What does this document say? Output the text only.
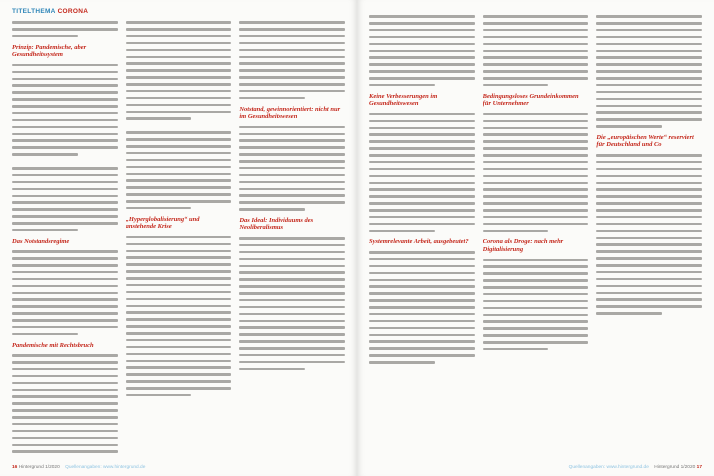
TITELTHEMA CORONA
Prinzip: Pandemische, aber Gesundheitssystem
Das Notstandsregime
Pandemische mit Rechtsbruch
„Hyperglobalisierung“ und anstehende Krise
Notstand, gewinnorientiert: nicht nur im Gesundheitswesen
Das Ideal: Individuums des Neoliberalismus
16 Hintergrund 1/2020 Quellenangaben: www.hintergrund.de
Keine Verbesserungen im Gesundheitswesen
Systemrelevante Arbeit, ausgebeutet?
Bedingungsloses Grundeinkommen für Unternehmer
Corona als Droge: nach mehr Digitalisierung
Die „europäischen Werte“ reserviert für Deutschland und Co
Quellenangaben: www.hintergrund.de Hintergrund 1/2020 17
